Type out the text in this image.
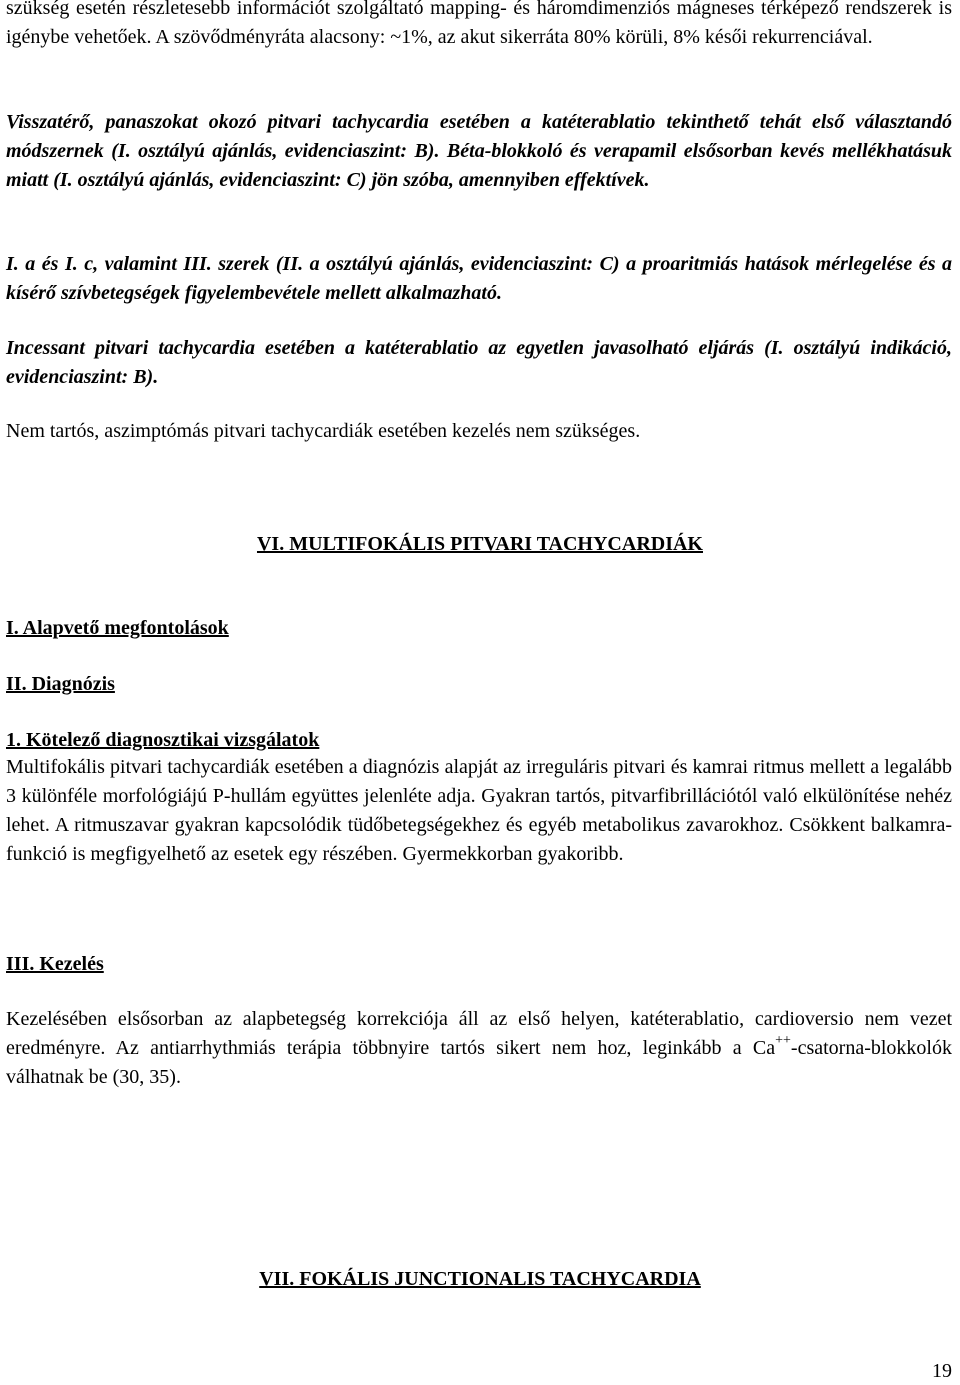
szükség esetén részletesebb információt szolgáltató mapping- és háromdimenziós mágneses térképező rendszerek is igénybe vehetőek. A szövődményráta alacsony: ~1%, az akut sikerráta 80% körüli, 8% késői rekurrenciával.

Visszatérő, panaszokat okozó pitvari tachycardia esetében a katéterablatio tekinthető tehát első választandó módszernek (I. osztályú ajánlás, evidenciaszint: B). Béta-blokkoló és verapamil elsősorban kevés mellékhatásuk miatt (I. osztályú ajánlás, evidenciaszint: C) jön szóba, amennyiben effektívek.

I. a és I. c, valamint III. szerek (II. a osztályú ajánlás, evidenciaszint: C) a proaritmiás hatások mérlegelése és a kísérő szívbetegségek figyelembevétele mellett alkalmazható.

Incessant pitvari tachycardia esetében a katéterablatio az egyetlen javasolható eljárás (I. osztályú indikáció, evidenciaszint: B).

Nem tartós, aszimptómás pitvari tachycardiák esetében kezelés nem szükséges.

VI. MULTIFOKÁLIS PITVARI TACHYCARDIÁK

I. Alapvető megfontolások

II. Diagnózis

1. Kötelező diagnosztikai vizsgálatok

Multifokális pitvari tachycardiák esetében a diagnózis alapját az irreguláris pitvari és kamrai ritmus mellett a legalább 3 különféle morfológiájú P-hullám együttes jelenléte adja. Gyakran tartós, pitvarfibrillációtól való elkülönítése nehéz lehet. A ritmuszavar gyakran kapcsolódik tüdőbetegségekhez és egyéb metabolikus zavarokhoz. Csökkent balkamra-funkció is megfigyelhető az esetek egy részében. Gyermekkorban gyakoribb.

III. Kezelés

Kezelésében elsősorban az alapbetegség korrekciója áll az első helyen, katéterablatio, cardioversio nem vezet eredményre. Az antiarrhythmiás terápia többnyire tartós sikert nem hoz, leginkább a Ca++-csatorna-blokkolók válhatnak be (30, 35).

VII. FOKÁLIS JUNCTIONALIS TACHYCARDIA

19
